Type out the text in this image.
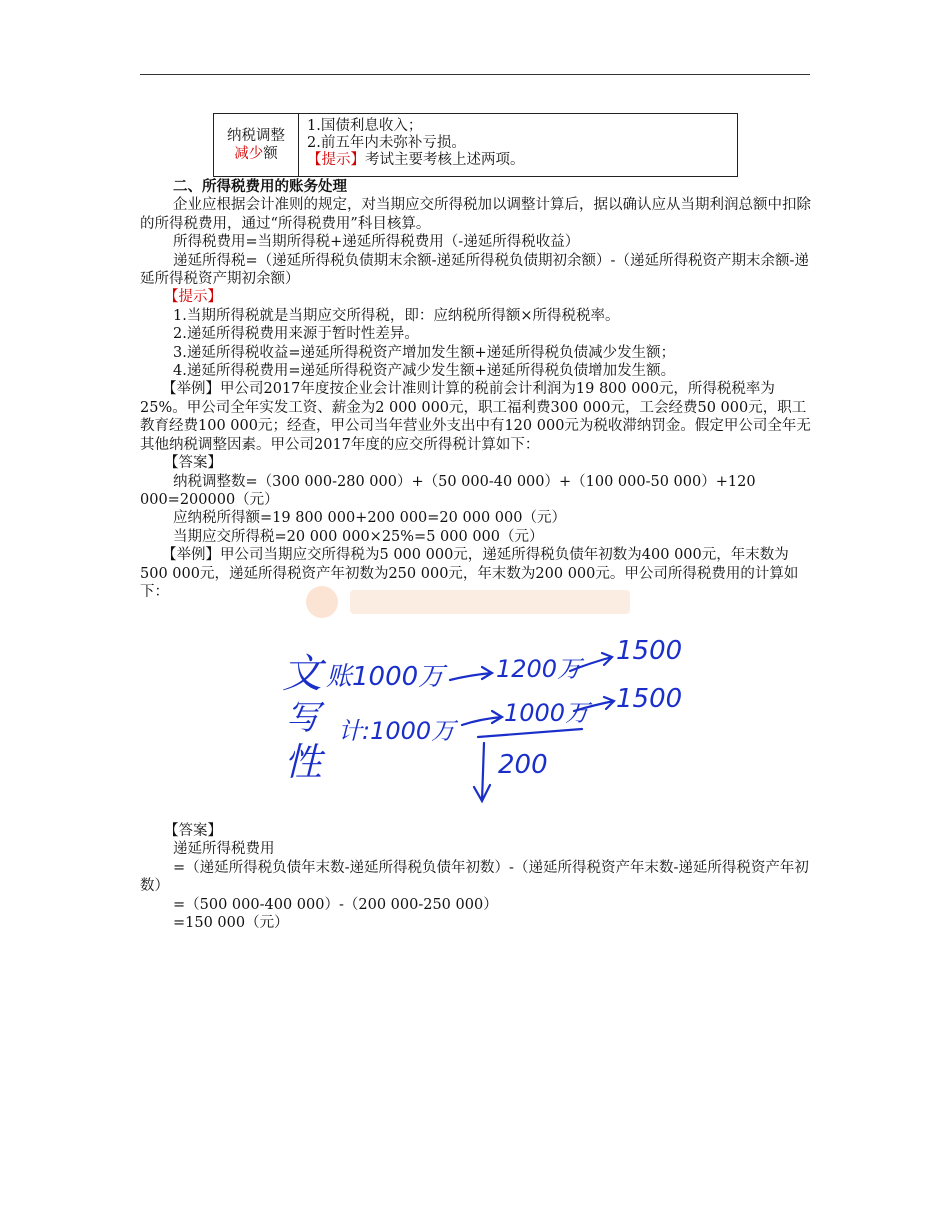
纳税调整
减少额
1.国债利息收入；
2.前五年内未弥补亏损。
【提示】考试主要考核上述两项。

二、所得税费用的账务处理

企业应根据会计准则的规定，对当期应交所得税加以调整计算后，据以确认应从当期利润总额中扣除的所得税费用，通过“所得税费用”科目核算。

所得税费用=当期所得税+递延所得税费用（-递延所得税收益）

递延所得税=（递延所得税负债期末余额-递延所得税负债期初余额）-（递延所得税资产期末余额-递延所得税资产期初余额）

【提示】

1.当期所得税就是当期应交所得税，即：应纳税所得额×所得税税率。

2.递延所得税费用来源于暂时性差异。

3.递延所得税收益=递延所得税资产增加发生额+递延所得税负债减少发生额；

4.递延所得税费用=递延所得税资产减少发生额+递延所得税负债增加发生额。

【举例】甲公司2017年度按企业会计准则计算的税前会计利润为19 800 000元，所得税税率为25%。甲公司全年实发工资、薪金为2 000 000元，职工福利费300 000元，工会经费50 000元，职工教育经费100 000元；经查，甲公司当年营业外支出中有120 000元为税收滞纳罚金。假定甲公司全年无其他纳税调整因素。甲公司2017年度的应交所得税计算如下：

【答案】

纳税调整数=（300 000-280 000）+（50 000-40 000）+（100 000-50 000）+120 000=200000（元）

应纳税所得额=19 800 000+200 000=20 000 000（元）

当期应交所得税=20 000 000×25%=5 000 000（元）

【举例】甲公司当期应交所得税为5 000 000元，递延所得税负债年初数为400 000元，年末数为500 000元，递延所得税资产年初数为250 000元，年末数为200 000元。甲公司所得税费用的计算如下：

文 账1000万 1200万
1500
写	1500
性
计:1000万
1000万
200

【答案】

递延所得税费用

=（递延所得税负债年末数-递延所得税负债年初数）-（递延所得税资产年末数-递延所得税资产年初数）

=（500 000-400 000）-（200 000-250 000）

=150 000（元）
